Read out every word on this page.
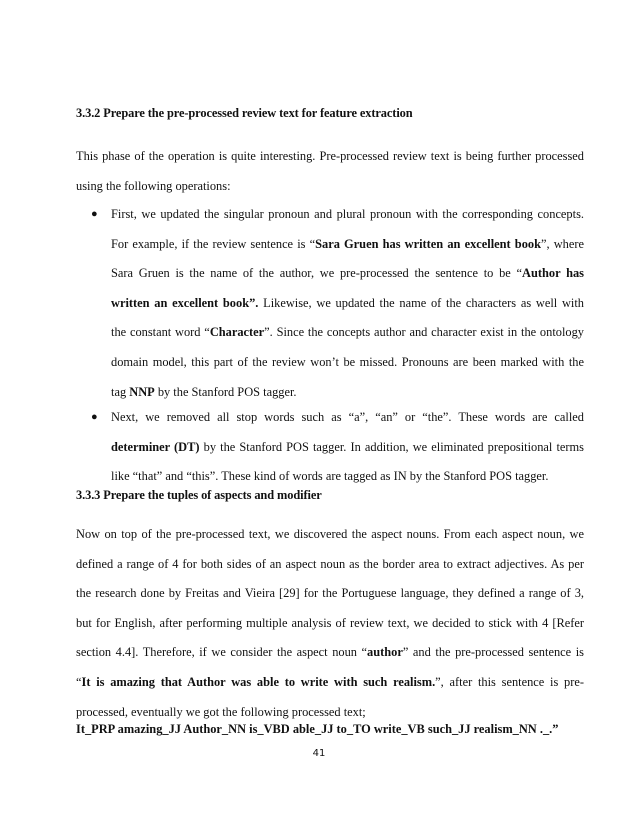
3.3.2 Prepare the pre-processed review text for feature extraction
This phase of the operation is quite interesting. Pre-processed review text is being further processed
using the following operations:
●	First, we updated the singular pronoun and plural pronoun with the corresponding concepts.
For example, if the review sentence is “Sara Gruen has written an excellent book”, where
Sara Gruen is the name of the author, we pre-processed the sentence to be “Author has
written an excellent book”. Likewise, we updated the name of the characters as well with
the constant word “Character”. Since the concepts author and character exist in the ontology
domain model, this part of the review won’t be missed. Pronouns are been marked with the
tag NNP by the Stanford POS tagger.
●	Next, we removed all stop words such as “a”, “an” or “the”. These words are called
determiner (DT) by the Stanford POS tagger. In addition, we eliminated prepositional terms
like “that” and “this”. These kind of words are tagged as IN by the Stanford POS tagger.
3.3.3 Prepare the tuples of aspects and modifier
Now on top of the pre-processed text, we discovered the aspect nouns. From each aspect noun, we
defined a range of 4 for both sides of an aspect noun as the border area to extract adjectives. As per
the research done by Freitas and Vieira [29] for the Portuguese language, they defined a range of 3,
but for English, after performing multiple analysis of review text, we decided to stick with 4 [Refer
section 4.4]. Therefore, if we consider the aspect noun “author” and the pre-processed sentence is
“It is amazing that Author was able to write with such realism.”, after this sentence is pre-
processed, eventually we got the following processed text;
It_PRP amazing_JJ Author_NN is_VBD able_JJ to_TO write_VB such_JJ realism_NN ._.”
41
